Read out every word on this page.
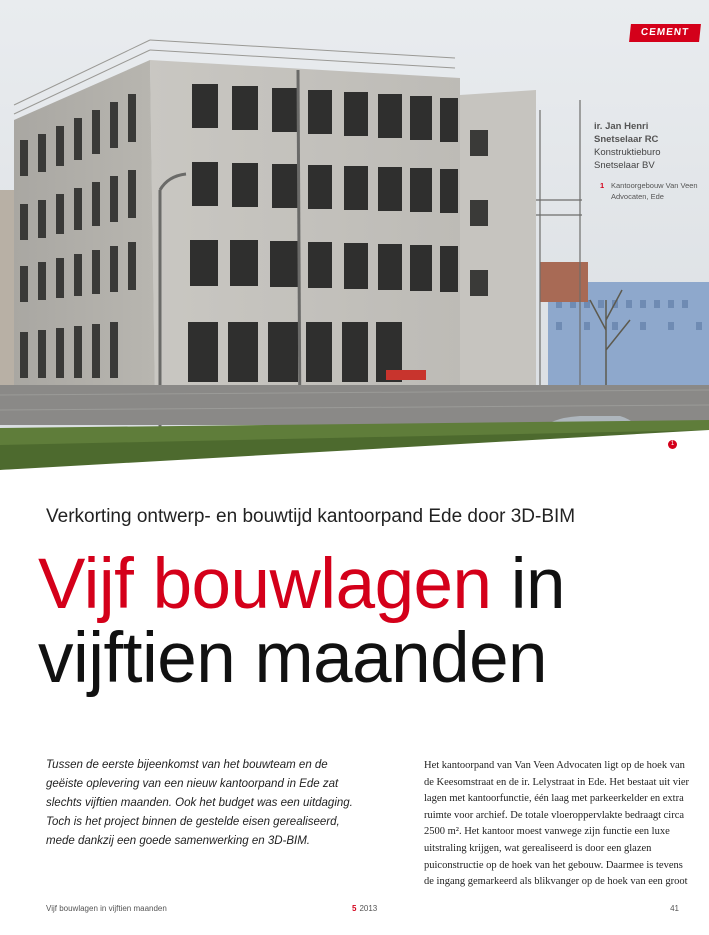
CEMENT
ir. Jan Henri
Snetselaar RC
Konstruktieburo
Snetselaar BV
1 Kantoorgebouw Van Veen
Advocaten, Ede
1
Verkorting ontwerp- en bouwtijd kantoorpand Ede door 3D-BIM
Vijf bouwlagen in
vijftien maanden
Tussen de eerste bijeenkomst van het bouwteam en de geëiste oplevering van een nieuw kantoorpand in Ede zat slechts vijftien maanden. Ook het budget was een uitdaging. Toch is het project binnen de gestelde eisen gerealiseerd, mede dankzij een goede samenwerking en 3D-BIM.
Het kantoorpand van Van Veen Advocaten ligt op de hoek van de Keesomstraat en de ir. Lelystraat in Ede. Het bestaat uit vier lagen met kantoorfunctie, één laag met parkeerkelder en extra ruimte voor archief. De totale vloeroppervlakte bedraagt circa 2500 m². Het kantoor moest vanwege zijn functie een luxe uitstraling krijgen, wat gerealiseerd is door een glazen puiconstructie op de hoek van het gebouw. Daarmee is tevens de ingang gemarkeerd als blikvanger op de hoek van een groot
Vijf bouwlagen in vijftien maanden	5 2013	41
